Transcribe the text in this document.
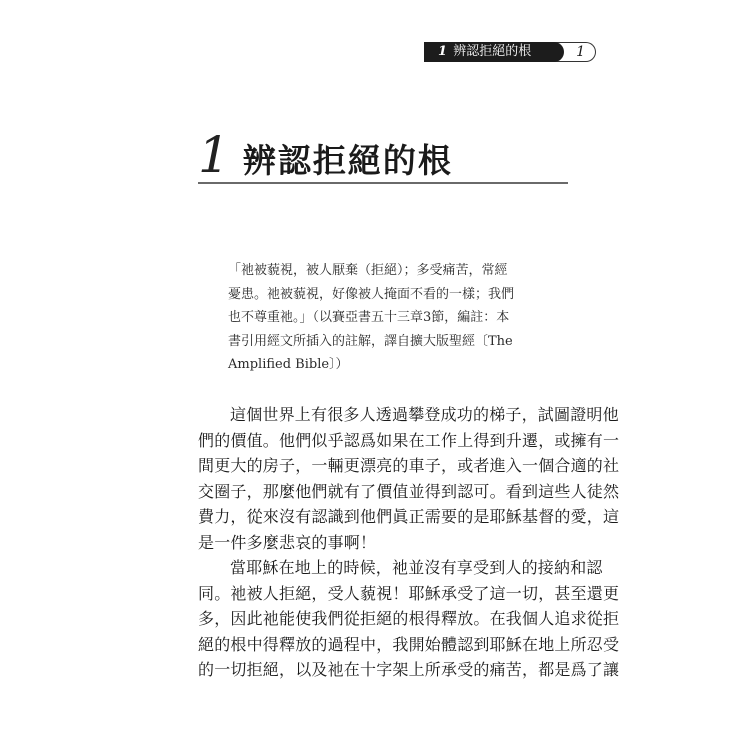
1
1 辨認拒絕的根
1 辨認拒絕的根
「祂被藐視，被人厭棄（拒絕）；多受痛苦，常經
憂患。祂被藐視，好像被人掩面不看的一樣；我們
也不尊重祂。」（以賽亞書五十三章3節，編註：本
書引用經文所插入的註解，譯自擴大版聖經〔The
Amplified Bible〕）
這個世界上有很多人透過攀登成功的梯子，試圖證明他
們的價值。他們似乎認爲如果在工作上得到升遷，或擁有一
間更大的房子，一輛更漂亮的車子，或者進入一個合適的社
交圈子，那麼他們就有了價值並得到認可。看到這些人徒然
費力，從來沒有認識到他們眞正需要的是耶穌基督的愛，這
是一件多麼悲哀的事啊！
當耶穌在地上的時候，祂並沒有享受到人的接納和認
同。祂被人拒絕，受人藐視！耶穌承受了這一切，甚至還更
多，因此祂能使我們從拒絕的根得釋放。在我個人追求從拒
絕的根中得釋放的過程中，我開始體認到耶穌在地上所忍受
的一切拒絕，以及祂在十字架上所承受的痛苦，都是爲了讓
